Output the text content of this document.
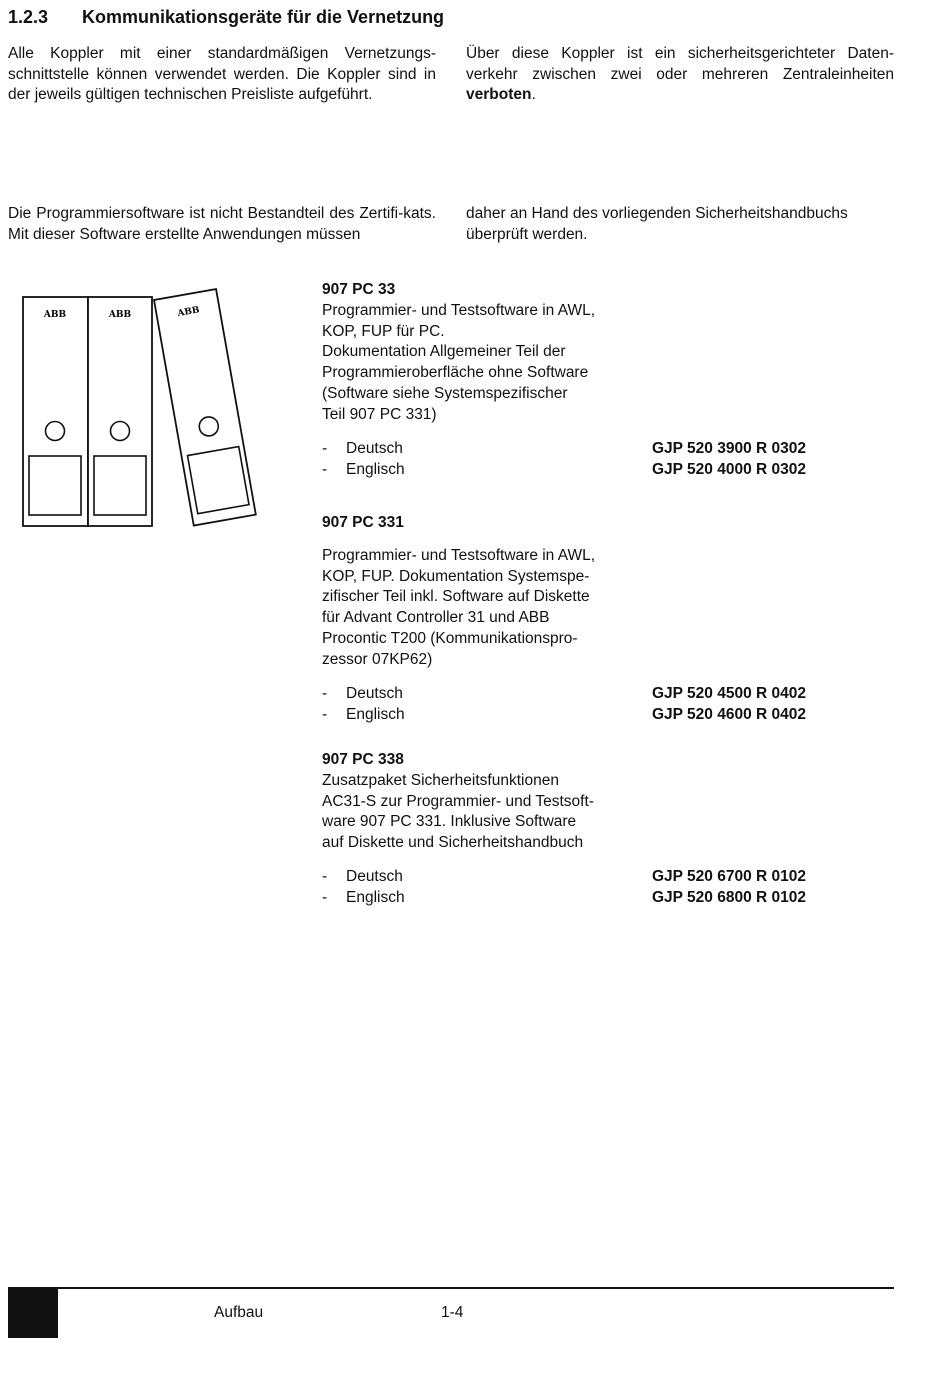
1.2.3 Kommunikationsgeräte für die Vernetzung
Alle Koppler mit einer standardmäßigen Vernetzungs-schnittstelle können verwendet werden. Die Koppler sind in der jeweils gültigen technischen Preisliste aufgeführt.
Über diese Koppler ist ein sicherheitsgerichteter Daten-verkehr zwischen zwei oder mehreren Zentraleinheiten verboten.
Die Programmiersoftware ist nicht Bestandteil des Zertifi-kats. Mit dieser Software erstellte Anwendungen müssen
daher an Hand des vorliegenden Sicherheitshandbuchs überprüft werden.
ABB	ABB	ABB
907 PC 33
Programmier- und Testsoftware in AWL,
KOP, FUP für PC.
Dokumentation Allgemeiner Teil der
Programmieroberfläche ohne Software
(Software siehe Systemspezifischer
Teil 907 PC 331)
- Deutsch	GJP 520 3900 R 0302
- Englisch	GJP 520 4000 R 0302
907 PC 331
Programmier- und Testsoftware in AWL,
KOP, FUP. Dokumentation Systemspe-
zifischer Teil inkl. Software auf Diskette
für Advant Controller 31 und ABB
Procontic T200 (Kommunikationspro-
zessor 07KP62)
- Deutsch	GJP 520 4500 R 0402
- Englisch	GJP 520 4600 R 0402
907 PC 338
Zusatzpaket Sicherheitsfunktionen
AC31-S zur Programmier- und Testsoft-
ware 907 PC 331. Inklusive Software
auf Diskette und Sicherheitshandbuch
- Deutsch	GJP 520 6700 R 0102
- Englisch	GJP 520 6800 R 0102
Aufbau	1-4
